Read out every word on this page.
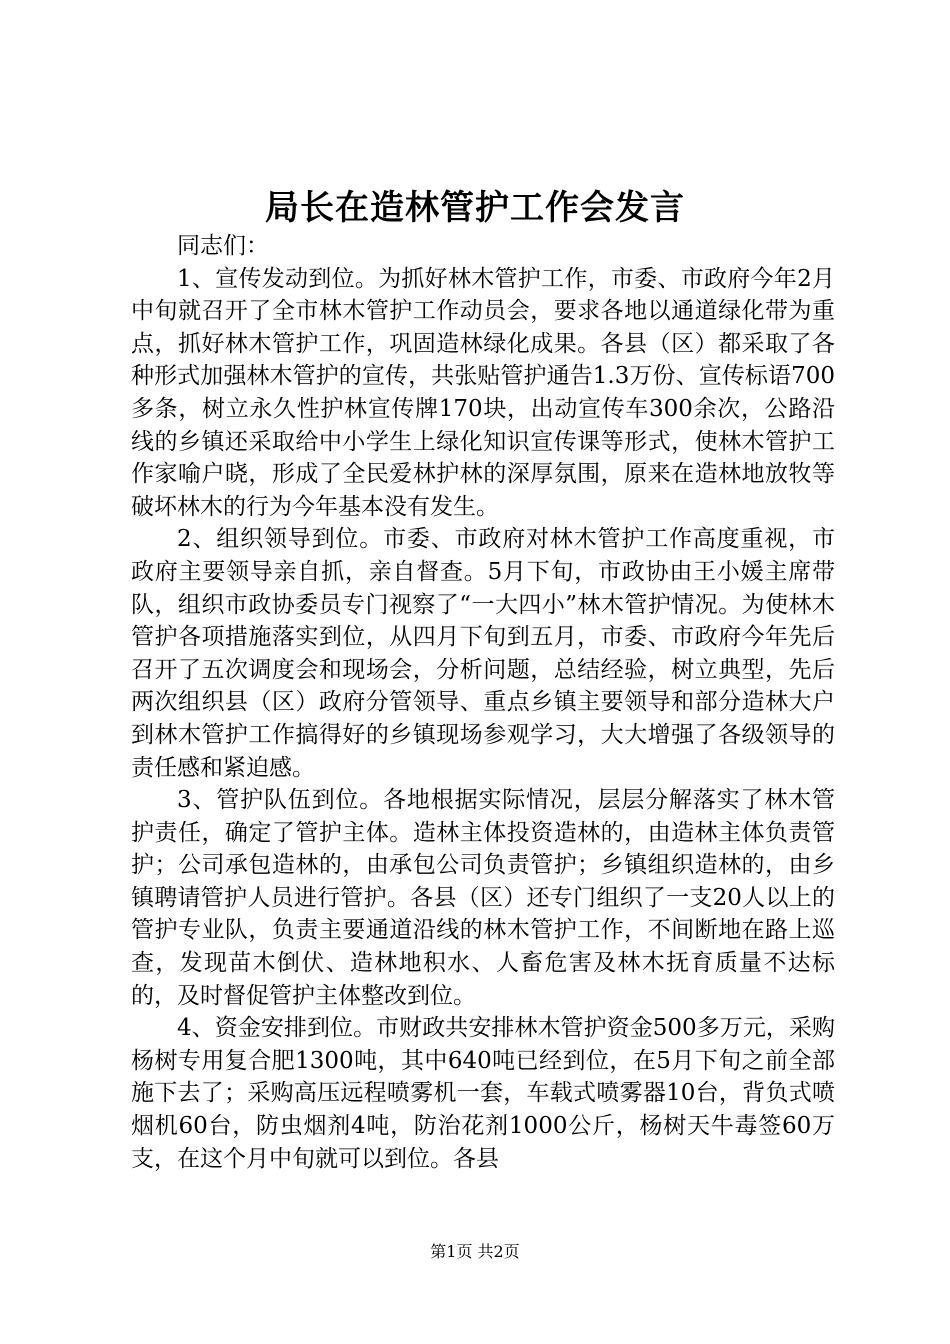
局长在造林管护工作会发言

同志们：

1、宣传发动到位。为抓好林木管护工作，市委、市政府今年2月中旬就召开了全市林木管护工作动员会，要求各地以通道绿化带为重点，抓好林木管护工作，巩固造林绿化成果。各县（区）都采取了各种形式加强林木管护的宣传，共张贴管护通告1.3万份、宣传标语700多条，树立永久性护林宣传牌170块，出动宣传车300余次，公路沿线的乡镇还采取给中小学生上绿化知识宣传课等形式，使林木管护工作家喻户晓，形成了全民爱林护林的深厚氛围，原来在造林地放牧等破坏林木的行为今年基本没有发生。

2、组织领导到位。市委、市政府对林木管护工作高度重视，市政府主要领导亲自抓，亲自督查。5月下旬，市政协由王小媛主席带队，组织市政协委员专门视察了“一大四小”林木管护情况。为使林木管护各项措施落实到位，从四月下旬到五月，市委、市政府今年先后召开了五次调度会和现场会，分析问题，总结经验，树立典型，先后两次组织县（区）政府分管领导、重点乡镇主要领导和部分造林大户到林木管护工作搞得好的乡镇现场参观学习，大大增强了各级领导的责任感和紧迫感。

3、管护队伍到位。各地根据实际情况，层层分解落实了林木管护责任，确定了管护主体。造林主体投资造林的，由造林主体负责管护；公司承包造林的，由承包公司负责管护；乡镇组织造林的，由乡镇聘请管护人员进行管护。各县（区）还专门组织了一支20人以上的管护专业队，负责主要通道沿线的林木管护工作，不间断地在路上巡查，发现苗木倒伏、造林地积水、人畜危害及林木抚育质量不达标的，及时督促管护主体整改到位。

4、资金安排到位。市财政共安排林木管护资金500多万元，采购杨树专用复合肥1300吨，其中640吨已经到位，在5月下旬之前全部施下去了；采购高压远程喷雾机一套，车载式喷雾器10台，背负式喷烟机60台，防虫烟剂4吨，防治花剂1000公斤，杨树天牛毒签60万支，在这个月中旬就可以到位。各县

第1页 共2页
